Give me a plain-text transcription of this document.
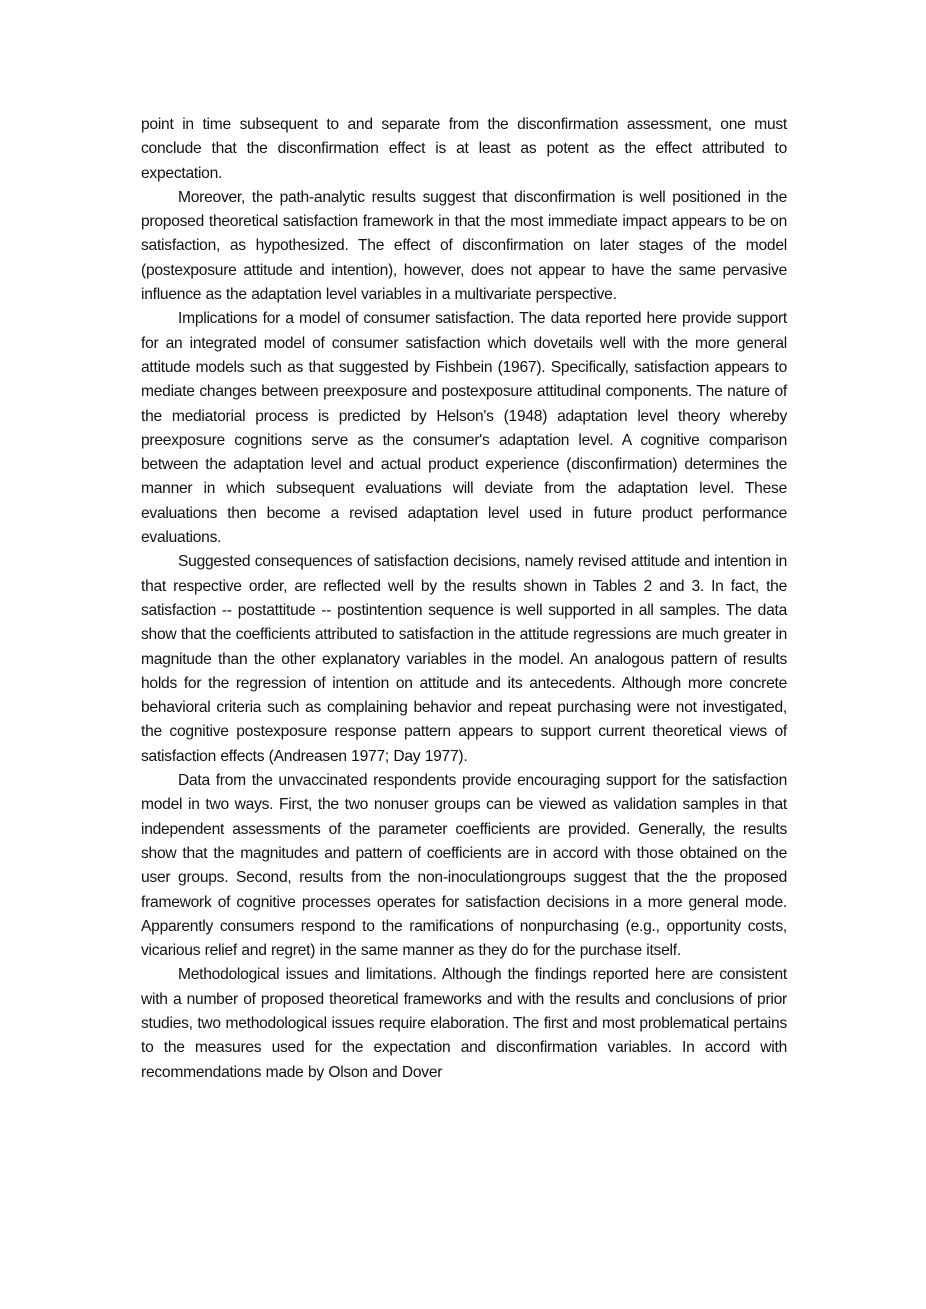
point in time subsequent to and separate from the disconfirmation assessment, one must conclude that the disconfirmation effect is at least as potent as the effect attributed to expectation.

Moreover, the path-analytic results suggest that disconfirmation is well positioned in the proposed theoretical satisfaction framework in that the most immediate impact appears to be on satisfaction, as hypothesized. The effect of disconfirmation on later stages of the model (postexposure attitude and intention), however, does not appear to have the same pervasive influence as the adaptation level variables in a multivariate perspective.

Implications for a model of consumer satisfaction. The data reported here provide support for an integrated model of consumer satisfaction which dovetails well with the more general attitude models such as that suggested by Fishbein (1967). Specifically, satisfaction appears to mediate changes between preexposure and postexposure attitudinal components. The nature of the mediatorial process is predicted by Helson's (1948) adaptation level theory whereby preexposure cognitions serve as the consumer's adaptation level. A cognitive comparison between the adaptation level and actual product experience (disconfirmation) determines the manner in which subsequent evaluations will deviate from the adaptation level. These evaluations then become a revised adaptation level used in future product performance evaluations.

Suggested consequences of satisfaction decisions, namely revised attitude and intention in that respective order, are reflected well by the results shown in Tables 2 and 3. In fact, the satisfaction -- postattitude -- postintention sequence is well supported in all samples. The data show that the coefficients attributed to satisfaction in the attitude regressions are much greater in magnitude than the other explanatory variables in the model. An analogous pattern of results holds for the regression of intention on attitude and its antecedents. Although more concrete behavioral criteria such as complaining behavior and repeat purchasing were not investigated, the cognitive postexposure response pattern appears to support current theoretical views of satisfaction effects (Andreasen 1977; Day 1977).

Data from the unvaccinated respondents provide encouraging support for the satisfaction model in two ways. First, the two nonuser groups can be viewed as validation samples in that independent assessments of the parameter coefficients are provided. Generally, the results show that the magnitudes and pattern of coefficients are in accord with those obtained on the user groups. Second, results from the non-inoculationgroups suggest that the the proposed framework of cognitive processes operates for satisfaction decisions in a more general mode. Apparently consumers respond to the ramifications of nonpurchasing (e.g., opportunity costs, vicarious relief and regret) in the same manner as they do for the purchase itself.

Methodological issues and limitations. Although the findings reported here are consistent with a number of proposed theoretical frameworks and with the results and conclusions of prior studies, two methodological issues require elaboration. The first and most problematical pertains to the measures used for the expectation and disconfirmation variables. In accord with recommendations made by Olson and Dover
